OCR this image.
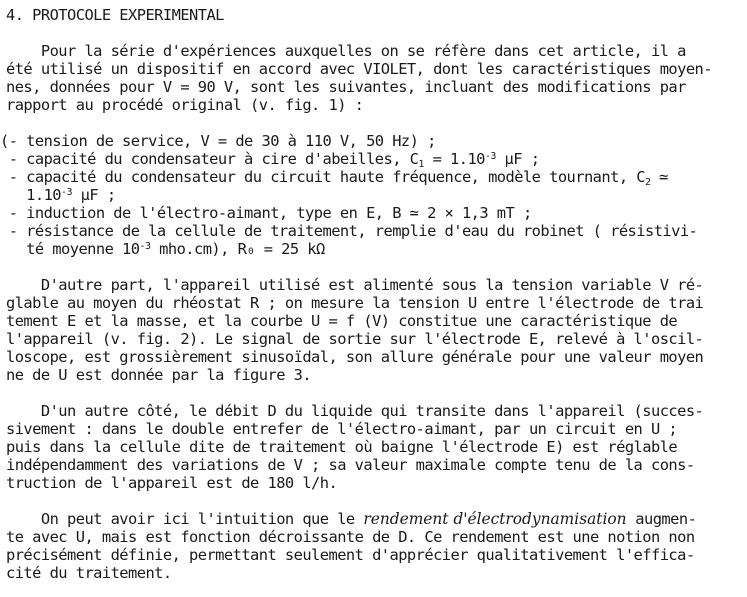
4. PROTOCOLE EXPERIMENTAL
Pour la série d'expériences auxquelles on se réfère dans cet article, il a
été utilisé un dispositif en accord avec VIOLET, dont les caractéristiques moyen-
nes, données pour V = 90 V, sont les suivantes, incluant des modifications par
rapport au procédé original (v. fig. 1) :
(- tension de service, V = de 30 à 110 V, 50 Hz) ;
- capacité du condensateur à cire d'abeilles, $C_1 = 1.10^{-3}$ µF ;
- capacité du condensateur du circuit haute fréquence, modèle tournant, $C_2$ ≃
$1.10^{-3}$ µF ;
- induction de l'électro-aimant, type en E, B ≃ 2 × 1,3 mT ;
- résistance de la cellule de traitement, remplie d'eau du robinet ( résistivi-
té moyenne $10^{-3}$ mho.cm), R₀ = 25 kΩ
D'autre part, l'appareil utilisé est alimenté sous la tension variable V ré-
glable au moyen du rhéostat R ; on mesure la tension U entre l'électrode de trai
tement E et la masse, et la courbe U = f (V) constitue une caractéristique de
l'appareil (v. fig. 2). Le signal de sortie sur l'électrode E, relevé à l'oscil-
loscope, est grossièrement sinusoïdal, son allure générale pour une valeur moyen
ne de U est donnée par la figure 3.
D'un autre côté, le débit D du liquide qui transite dans l'appareil (succes-
sivement : dans le double entrefer de l'électro-aimant, par un circuit en U ;
puis dans la cellule dite de traitement où baigne l'électrode E) est réglable
indépendamment des variations de V ; sa valeur maximale compte tenu de la cons-
truction de l'appareil est de 180 l/h.
On peut avoir ici l'intuition que le rendement d'électrodynamisation augmen-
te avec U, mais est fonction décroissante de D. Ce rendement est une notion non
précisément définie, permettant seulement d'apprécier qualitativement l'effica-
cité du traitement.
